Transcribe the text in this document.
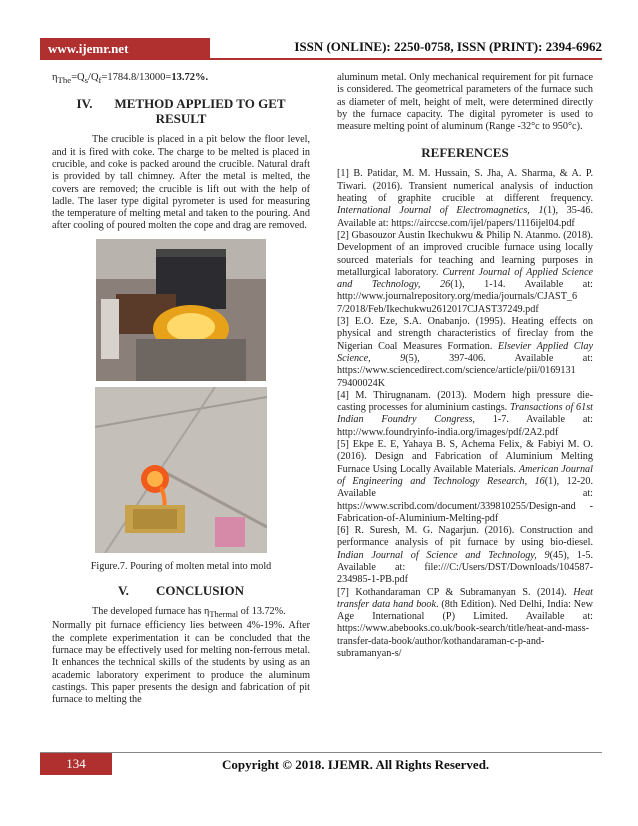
www.ijemr.net	ISSN (ONLINE): 2250-0758, ISSN (PRINT): 2394-6962
$\eta_{The}=Q_s/Q_f=1784.8/13000=13.72\%$.
IV. METHOD APPLIED TO GET RESULT

The crucible is placed in a pit below the floor level, and it is fired with coke. The charge to be melted is placed in crucible, and coke is packed around the crucible. Natural draft is provided by tall chimney. After the metal is melted, the covers are removed; the crucible is lift out with the help of ladle. The laser type digital pyrometer is used for measuring the temperature of melting metal and taken to the pouring. And after cooling of poured molten the cope and drag are removed.

Figure.7. Pouring of molten metal into mold
V. CONCLUSION

The developed furnace has $\eta_{Thermal}$ of 13.72%.

Normally pit furnace efficiency lies between 4%-19%. After the complete experimentation it can be concluded that the furnace may be effectively used for melting non-ferrous metal. It enhances the technical skills of the students by using as an academic laboratory experiment to produce the aluminum castings. This paper presents the design and fabrication of pit furnace to melting the

aluminum metal. Only mechanical requirement for pit furnace is considered. The geometrical parameters of the furnace such as diameter of melt, height of melt, were determined directly by the furnace capacity. The digital pyrometer is used to measure melting point of aluminum (Range -32°c to 950°c).

REFERENCES

[1] B. Patidar, M. M. Hussain, S. Jha, A. Sharma, & A. P. Tiwari. (2016). Transient numerical analysis of induction heating of graphite crucible at different frequency. International Journal of Electromagnetics, 1(1), 35-46. Available at: https://airccse.com/ijel/papers/1116ijel04.pdf

[2] Gbasouzor Austin Ikechukwu & Philip N. Atanmo. (2018). Development of an improved crucible furnace using locally sourced materials for teaching and learning purposes in metallurgical laboratory. Current Journal of Applied Science and Technology, 26(1), 1-14. Available at: http://www.journalrepository.org/media/journals/CJAST_6 7/2018/Feb/Ikechukwu2612017CJAST37249.pdf

[3] E.O. Eze, S.A. Onabanjo. (1995). Heating effects on physical and strength characteristics of fireclay from the Nigerian Coal Measures Formation. Elsevier Applied Clay Science, 9(5), 397-406. Available at: https://www.sciencedirect.com/science/article/pii/0169131 79400024K

[4] M. Thirugnanam. (2013). Modern high pressure die-casting processes for aluminium castings. Transactions of 61st Indian Foundry Congress, 1-7. Available at: http://www.foundryinfo-india.org/images/pdf/2A2.pdf

[5] Ekpe E. E, Yahaya B. S, Achema Felix, & Fabiyi M. O. (2016). Design and Fabrication of Aluminium Melting Furnace Using Locally Available Materials. American Journal of Engineering and Technology Research, 16(1), 12-20. Available at: https://www.scribd.com/document/339810255/Design-and -Fabrication-of-Aluminium-Melting-pdf

[6] R. Suresh, M. G. Nagarjun. (2016). Construction and performance analysis of pit furnace by using bio-diesel. Indian Journal of Science and Technology, 9(45), 1-5. Available at: file:///C:/Users/DST/Downloads/104587-234985-1-PB.pdf

[7] Kothandaraman CP & Subramanyan S. (2014). Heat transfer data hand book. (8th Edition). Ned Delhi, India: New Age International (P) Limited. Available at: https://www.abebooks.co.uk/book-search/title/heat-and-mass-transfer-data-book/author/kothandaraman-c-p-and-subramanyan-s/

134	Copyright © 2018. IJEMR. All Rights Reserved.
